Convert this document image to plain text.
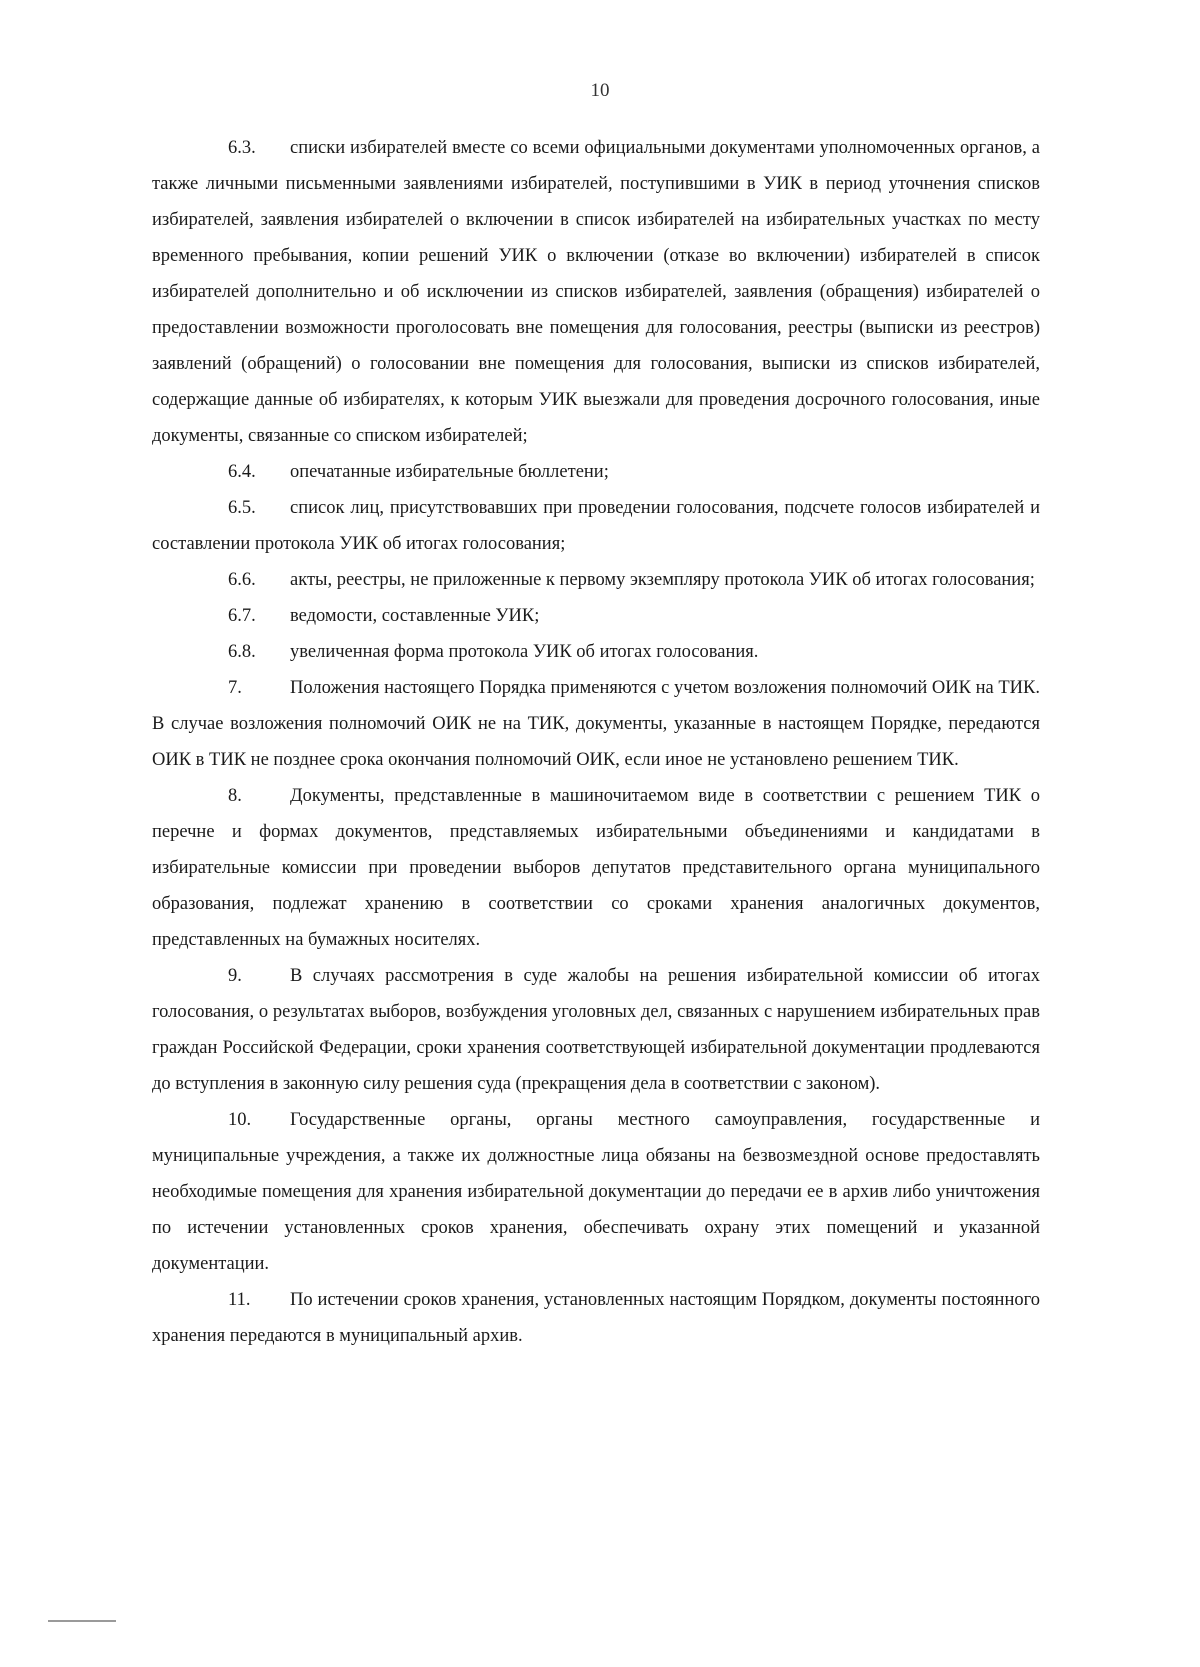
10

6.3. списки избирателей вместе со всеми официальными документами уполномоченных органов, а также личными письменными заявлениями избирателей, поступившими в УИК в период уточнения списков избирателей, заявления избирателей о включении в список избирателей на избирательных участках по месту временного пребывания, копии решений УИК о включении (отказе во включении) избирателей в список избирателей дополнительно и об исключении из списков избирателей, заявления (обращения) избирателей о предоставлении возможности проголосовать вне помещения для голосования, реестры (выписки из реестров) заявлений (обращений) о голосовании вне помещения для голосования, выписки из списков избирателей, содержащие данные об избирателях, к которым УИК выезжали для проведения досрочного голосования, иные документы, связанные со списком избирателей;

6.4. опечатанные избирательные бюллетени;

6.5. список лиц, присутствовавших при проведении голосования, подсчете голосов избирателей и составлении протокола УИК об итогах голосования;

6.6. акты, реестры, не приложенные к первому экземпляру протокола УИК об итогах голосования;

6.7. ведомости, составленные УИК;

6.8. увеличенная форма протокола УИК об итогах голосования.

7.	Положения настоящего Порядка применяются с учетом возложения полномочий ОИК на ТИК. В случае возложения полномочий ОИК не на ТИК, документы, указанные в настоящем Порядке, передаются ОИК в ТИК не позднее срока окончания полномочий ОИК, если иное не установлено решением ТИК.

8.	Документы, представленные в машиночитаемом виде в соответствии с решением ТИК о перечне и формах документов, представляемых избирательными объединениями и кандидатами в избирательные комиссии при проведении выборов депутатов представительного органа муниципального образования, подлежат хранению в соответствии со сроками хранения аналогичных документов, представленных на бумажных носителях.

9.	В случаях рассмотрения в суде жалобы на решения избирательной комиссии об итогах голосования, о результатах выборов, возбуждения уголовных дел, связанных с нарушением избирательных прав граждан Российской Федерации, сроки хранения соответствующей избирательной документации продлеваются до вступления в законную силу решения суда (прекращения дела в соответствии с законом).

10. Государственные органы, органы местного самоуправления, государственные и муниципальные учреждения, а также их должностные лица обязаны на безвозмездной основе предоставлять необходимые помещения для хранения избирательной документации до передачи ее в архив либо уничтожения по истечении установленных сроков хранения, обеспечивать охрану этих помещений и указанной документации.

11. По истечении сроков хранения, установленных настоящим Порядком, документы постоянного хранения передаются в муниципальный архив.
